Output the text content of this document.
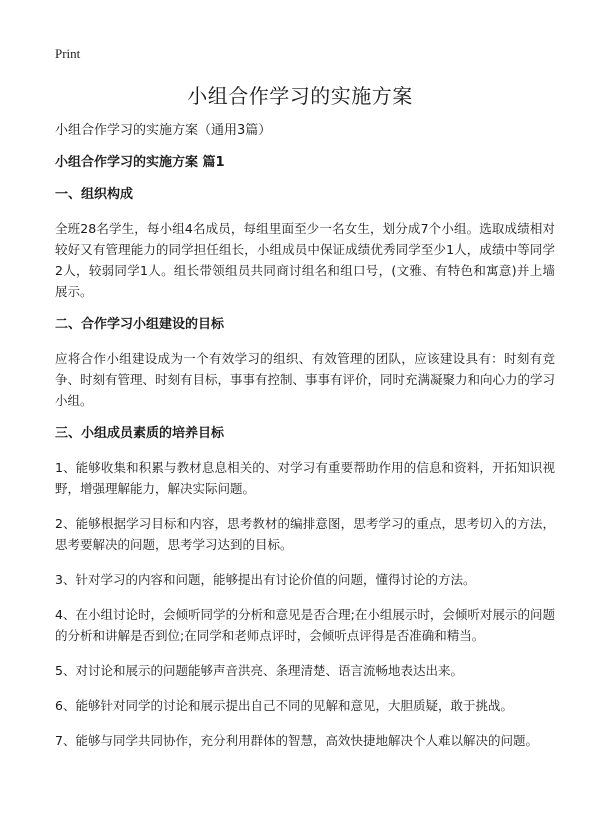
Print
小组合作学习的实施方案

小组合作学习的实施方案（通用3篇）

小组合作学习的实施方案 篇1

一、组织构成

全班28名学生，每小组4名成员，每组里面至少一名女生，划分成7个小组。选取成绩相对较好又有管理能力的同学担任组长，小组成员中保证成绩优秀同学至少1人，成绩中等同学2人，较弱同学1人。组长带领组员共同商讨组名和组口号，(文雅、有特色和寓意)并上墙展示。

二、合作学习小组建设的目标

应将合作小组建设成为一个有效学习的组织、有效管理的团队，应该建设具有：时刻有竞争、时刻有管理、时刻有目标，事事有控制、事事有评价，同时充满凝聚力和向心力的学习小组。

三、小组成员素质的培养目标

1、能够收集和积累与教材息息相关的、对学习有重要帮助作用的信息和资料，开拓知识视野，增强理解能力，解决实际问题。

2、能够根据学习目标和内容，思考教材的编排意图，思考学习的重点，思考切入的方法，思考要解决的问题，思考学习达到的目标。

3、针对学习的内容和问题，能够提出有讨论价值的问题，懂得讨论的方法。

4、在小组讨论时，会倾听同学的分析和意见是否合理;在小组展示时，会倾听对展示的问题的分析和讲解是否到位;在同学和老师点评时，会倾听点评得是否准确和精当。

5、对讨论和展示的问题能够声音洪亮、条理清楚、语言流畅地表达出来。

6、能够针对同学的讨论和展示提出自己不同的见解和意见，大胆质疑，敢于挑战。

7、能够与同学共同协作，充分利用群体的智慧，高效快捷地解决个人难以解决的问题。
